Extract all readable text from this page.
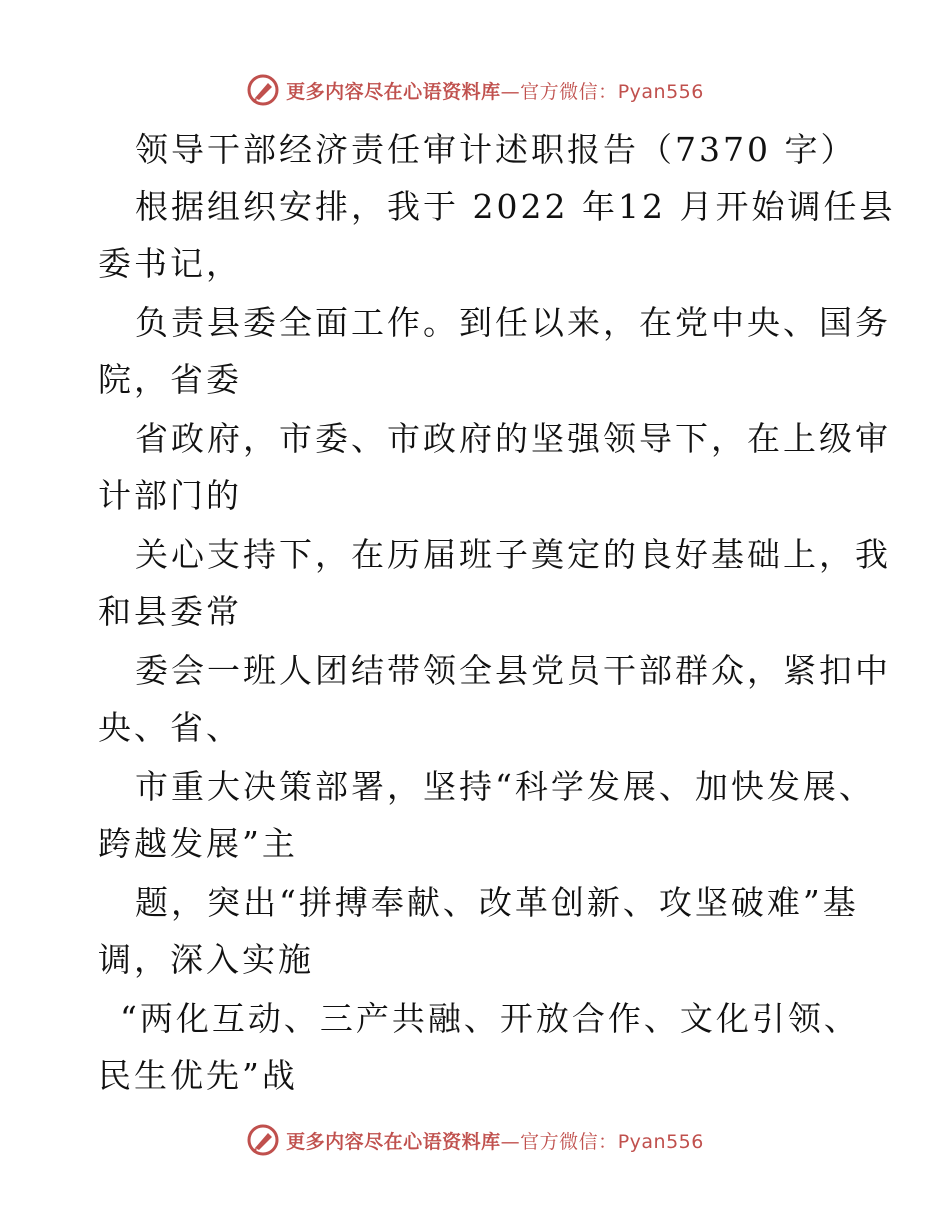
更多内容尽在心语资料库—官方微信：Pyan556
领导干部经济责任审计述职报告（7370 字）
根据组织安排，我于 2022 年12 月开始调任县
委书记，
负责县委全面工作。到任以来，在党中央、国务
院，省委
省政府，市委、市政府的坚强领导下，在上级审
计部门的
关心支持下，在历届班子奠定的良好基础上，我
和县委常
委会一班人团结带领全县党员干部群众，紧扣中
央、省、
市重大决策部署，坚持“科学发展、加快发展、
跨越发展”主
题，突出“拼搏奉献、改革创新、攻坚破难”基
调，深入实施
“两化互动、三产共融、开放合作、文化引领、
民生优先”战
更多内容尽在心语资料库—官方微信：Pyan556
